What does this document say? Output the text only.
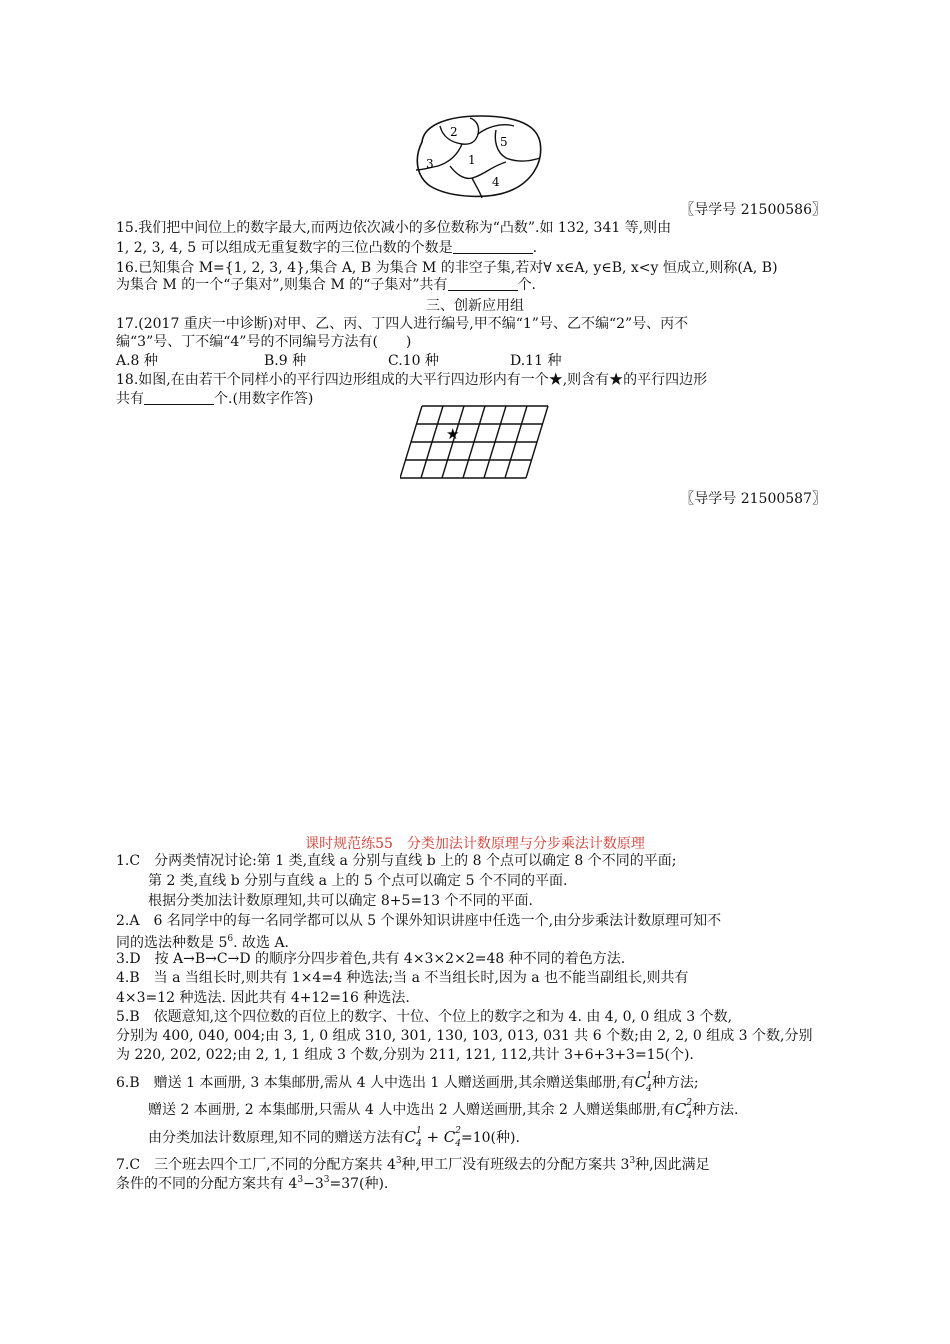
2
5
3	1
4
〖导学号 21500586〗
15.我们把中间位上的数字最大,而两边依次减小的多位数称为“凸数”.如 132, 341 等,则由
1, 2, 3, 4, 5 可以组成无重复数字的三位凸数的个数是	.
16.已知集合 M={1, 2, 3, 4},集合 A, B 为集合 M 的非空子集,若对∀ x∈A, y∈B, x<y 恒成立,则称(A, B)
为集合 M 的一个“子集对”,则集合 M 的“子集对”共有	个.
三、创新应用组
17.(2017 重庆一中诊断)对甲、乙、丙、丁四人进行编号,甲不编“1”号、乙不编“2”号、丙不
编“3”号、丁不编“4”号的不同编号方法有(　　)
A.8 种	B.9 种	C.10 种	D.11 种
18.如图,在由若干个同样小的平行四边形组成的大平行四边形内有一个★,则含有★的平行四边形
共有	个.(用数字作答)
★
〖导学号 21500587〗
课时规范练55　分类加法计数原理与分步乘法计数原理
1.C　分两类情况讨论:第 1 类,直线 a 分别与直线 b 上的 8 个点可以确定 8 个不同的平面;
第 2 类,直线 b 分别与直线 a 上的 5 个点可以确定 5 个不同的平面.
根据分类加法计数原理知,共可以确定 8+5=13 个不同的平面.
2.A　6 名同学中的每一名同学都可以从 5 个课外知识讲座中任选一个,由分步乘法计数原理可知不
同的选法种数是 $5^6$. 故选 A.
3.D　按 A→B→C→D 的顺序分四步着色,共有 4×3×2×2=48 种不同的着色方法.
4.B　当 a 当组长时,则共有 1×4=4 种选法;当 a 不当组长时,因为 a 也不能当副组长,则共有
4×3=12 种选法. 因此共有 4+12=16 种选法.
5.B　依题意知,这个四位数的百位上的数字、十位、个位上的数字之和为 4. 由 4, 0, 0 组成 3 个数,
分别为 400, 040, 004;由 3, 1, 0 组成 310, 301, 130, 103, 013, 031 共 6 个数;由 2, 2, 0 组成 3 个数,分别
为 220, 202, 022;由 2, 1, 1 组成 3 个数,分别为 211, 121, 112,共计 3+6+3+3=15(个).
6.B　赠送 1 本画册, 3 本集邮册,需从 4 人中选出 1 人赠送画册,其余赠送集邮册,有C 1
$_4$种方法;
赠送 2 本画册, 2 本集邮册,只需从 4 人中选出 2 人赠送画册,其余 2 人赠送集邮册,有C 2
$_4$种方法.
由分类加法计数原理,知不同的赠送方法有C 1
$_4$ + C 2
$_4$=10(种).
7.C　三个班去四个工厂,不同的分配方案共 $4^3$种,甲工厂没有班级去的分配方案共 $3^3$种,因此满足
条件的不同的分配方案共有 $4^3-3^3=37$(种).
